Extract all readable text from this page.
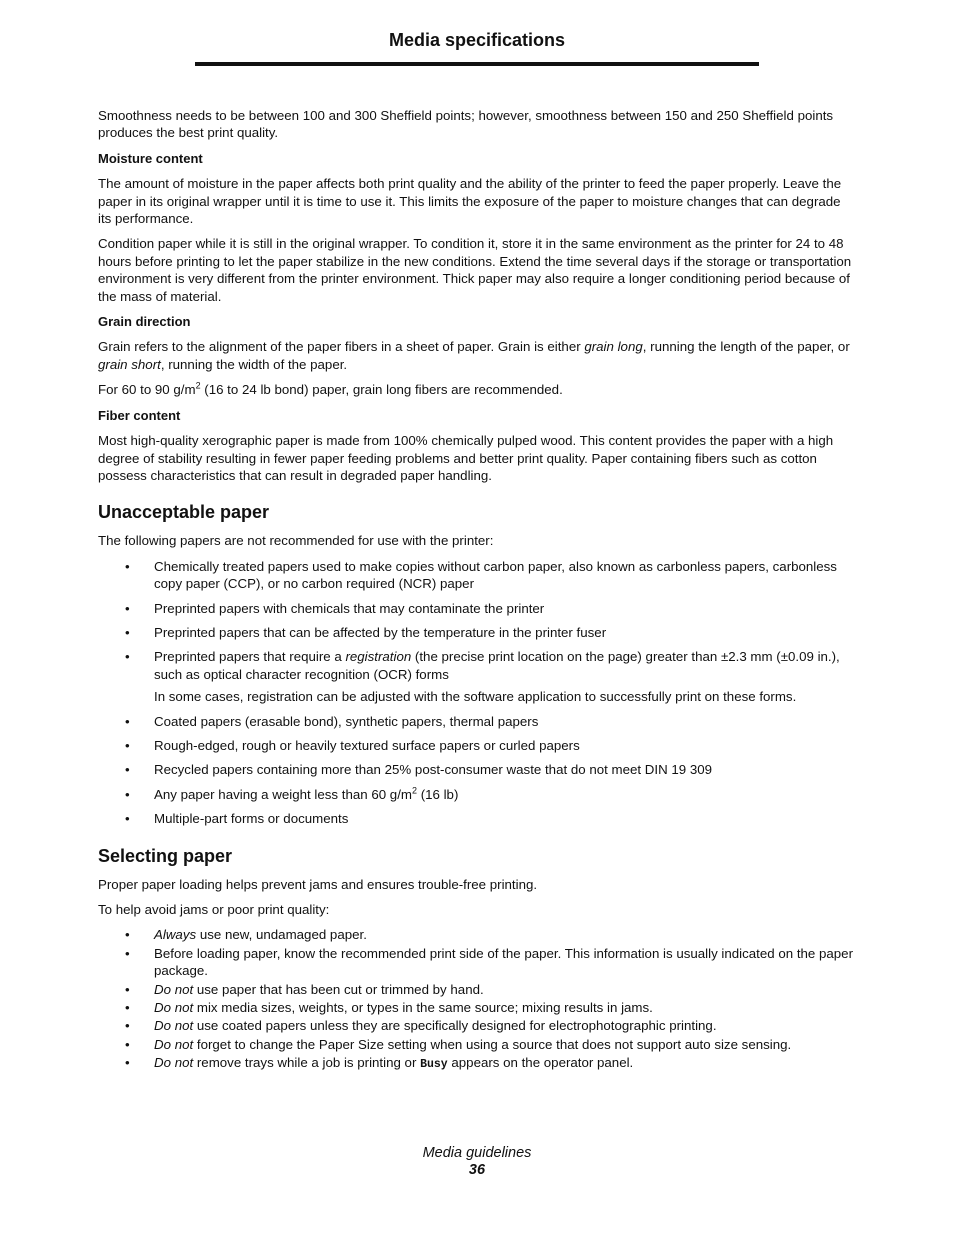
Media specifications

Smoothness needs to be between 100 and 300 Sheffield points; however, smoothness between 150 and 250 Sheffield points produces the best print quality.

Moisture content

The amount of moisture in the paper affects both print quality and the ability of the printer to feed the paper properly. Leave the paper in its original wrapper until it is time to use it. This limits the exposure of the paper to moisture changes that can degrade its performance.

Condition paper while it is still in the original wrapper. To condition it, store it in the same environment as the printer for 24 to 48 hours before printing to let the paper stabilize in the new conditions. Extend the time several days if the storage or transportation environment is very different from the printer environment. Thick paper may also require a longer conditioning period because of the mass of material.

Grain direction

Grain refers to the alignment of the paper fibers in a sheet of paper. Grain is either grain long, running the length of the paper, or grain short, running the width of the paper.

For 60 to 90 $g/m^2$ (16 to 24 lb bond) paper, grain long fibers are recommended.

Fiber content

Most high-quality xerographic paper is made from 100% chemically pulped wood. This content provides the paper with a high degree of stability resulting in fewer paper feeding problems and better print quality. Paper containing fibers such as cotton possess characteristics that can result in degraded paper handling.

Unacceptable paper

The following papers are not recommended for use with the printer:

• Chemically treated papers used to make copies without carbon paper, also known as carbonless papers, carbonless copy paper (CCP), or no carbon required (NCR) paper
• Preprinted papers with chemicals that may contaminate the printer
• Preprinted papers that can be affected by the temperature in the printer fuser
• Preprinted papers that require a registration (the precise print location on the page) greater than ±2.3 mm (±0.09 in.), such as optical character recognition (OCR) forms
In some cases, registration can be adjusted with the software application to successfully print on these forms.
• Coated papers (erasable bond), synthetic papers, thermal papers
• Rough-edged, rough or heavily textured surface papers or curled papers
• Recycled papers containing more than 25% post-consumer waste that do not meet DIN 19 309
• Any paper having a weight less than 60 $g/m^2$ (16 lb)
• Multiple-part forms or documents
Selecting paper

Proper paper loading helps prevent jams and ensures trouble-free printing.

To help avoid jams or poor print quality:

• Always use new, undamaged paper.
• Before loading paper, know the recommended print side of the paper. This information is usually indicated on the paper package.
• Do not use paper that has been cut or trimmed by hand.
• Do not mix media sizes, weights, or types in the same source; mixing results in jams.
• Do not use coated papers unless they are specifically designed for electrophotographic printing.
• Do not forget to change the Paper Size setting when using a source that does not support auto size sensing.
• Do not remove trays while a job is printing or Busy appears on the operator panel.
Media guidelines
36
